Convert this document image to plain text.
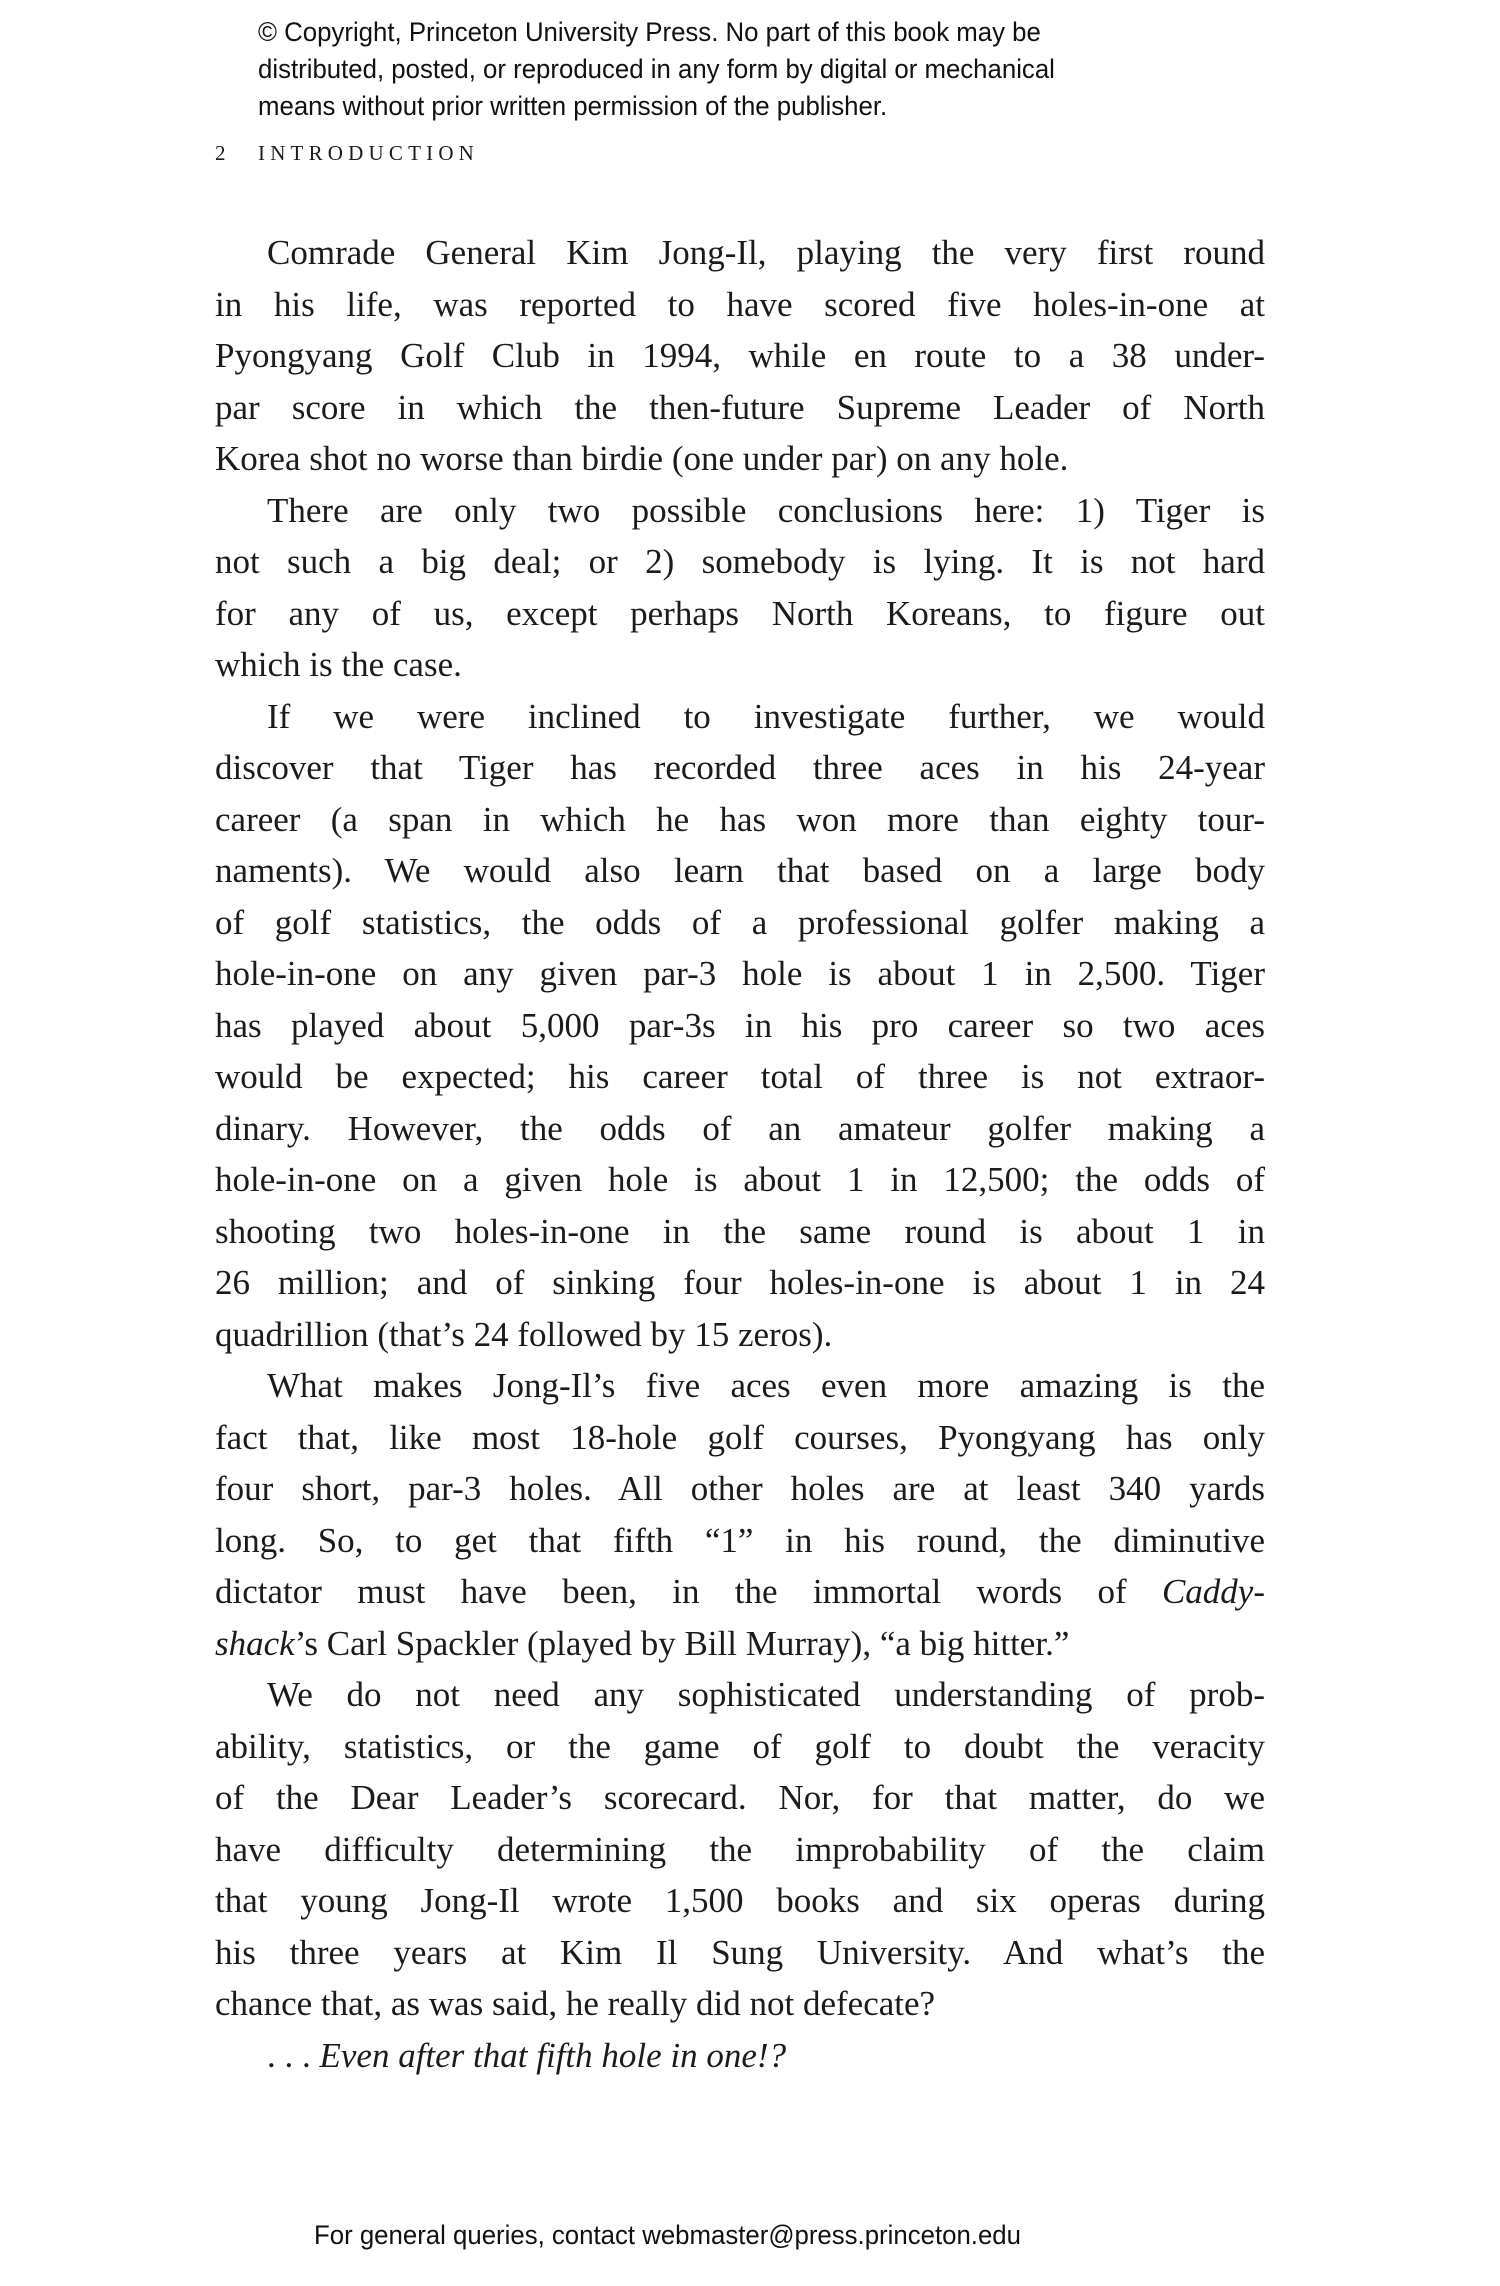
© Copyright, Princeton University Press. No part of this book may be
distributed, posted, or reproduced in any form by digital or mechanical
means without prior written permission of the publisher.
2 INTRODUCTION
Comrade General Kim Jong-Il, playing the very first round
in his life, was reported to have scored five holes-in-one at
Pyongyang Golf Club in 1994, while en route to a 38 under-
par score in which the then-future Supreme Leader of North
Korea shot no worse than birdie (one under par) on any hole.
There are only two possible conclusions here: 1) Tiger is
not such a big deal; or 2) somebody is lying. It is not hard
for any of us, except perhaps North Koreans, to figure out
which is the case.
If we were inclined to investigate further, we would
discover that Tiger has recorded three aces in his 24-year
career (a span in which he has won more than eighty tour-
naments). We would also learn that based on a large body
of golf statistics, the odds of a professional golfer making a
hole-in-one on any given par-3 hole is about 1 in 2,500. Tiger
has played about 5,000 par-3s in his pro career so two aces
would be expected; his career total of three is not extraor-
dinary. However, the odds of an amateur golfer making a
hole-in-one on a given hole is about 1 in 12,500; the odds of
shooting two holes-in-one in the same round is about 1 in
26 million; and of sinking four holes-in-one is about 1 in 24
quadrillion (that’s 24 followed by 15 zeros).
What makes Jong-Il’s five aces even more amazing is the
fact that, like most 18-hole golf courses, Pyongyang has only
four short, par-3 holes. All other holes are at least 340 yards
long. So, to get that fifth “1” in his round, the diminutive
dictator must have been, in the immortal words of Caddy-
shack’s Carl Spackler (played by Bill Murray), “a big hitter.”
We do not need any sophisticated understanding of prob-
ability, statistics, or the game of golf to doubt the veracity
of the Dear Leader’s scorecard. Nor, for that matter, do we
have difficulty determining the improbability of the claim
that young Jong-Il wrote 1,500 books and six operas during
his three years at Kim Il Sung University. And what’s the
chance that, as was said, he really did not defecate?
. . . Even after that fifth hole in one!?
For general queries, contact webmaster@press.princeton.edu
